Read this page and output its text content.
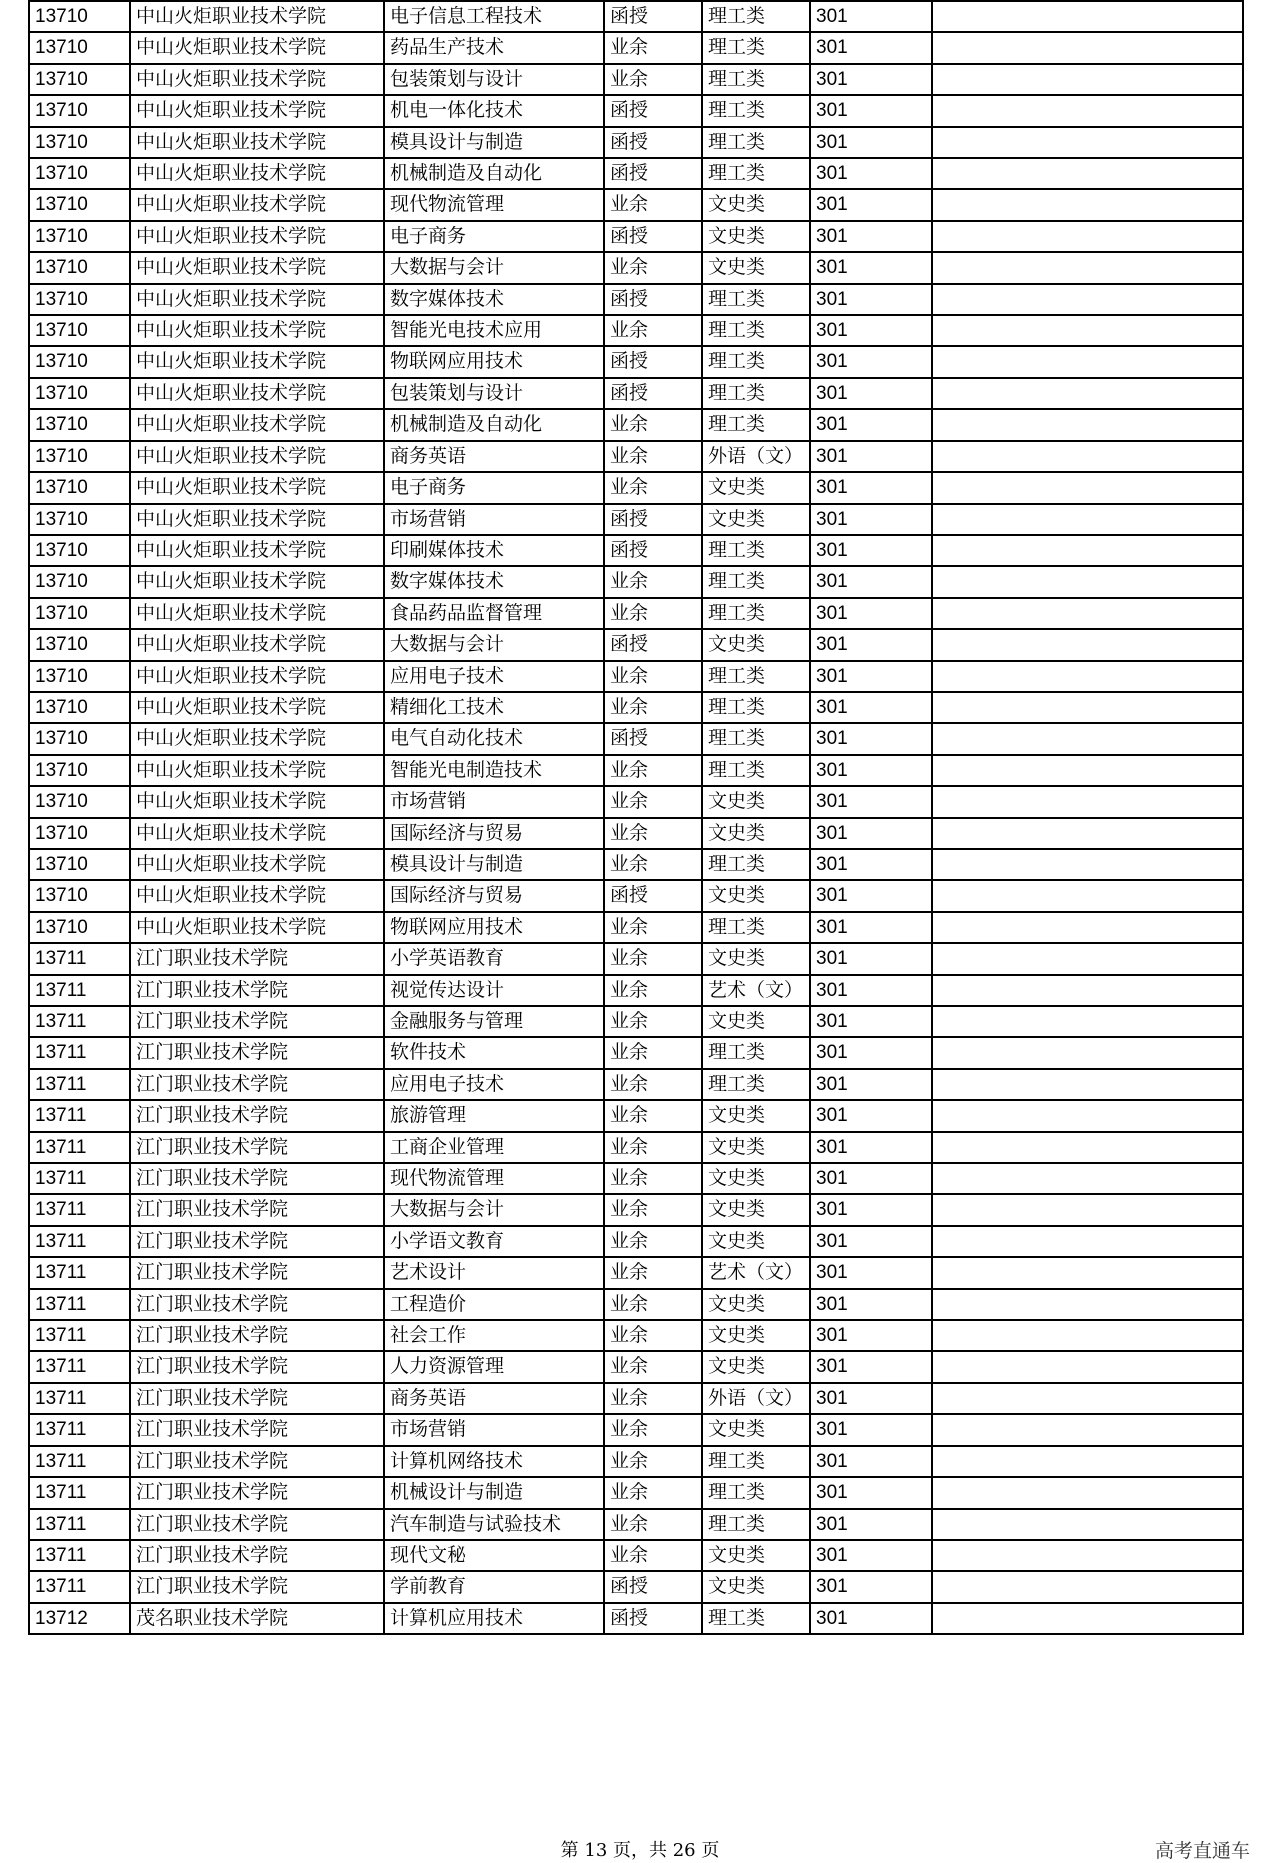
13710	中山火炬职业技术学院	电子信息工程技术	函授	理工类	301	
13710	中山火炬职业技术学院	药品生产技术	业余	理工类	301	
13710	中山火炬职业技术学院	包装策划与设计	业余	理工类	301	
13710	中山火炬职业技术学院	机电一体化技术	函授	理工类	301	
13710	中山火炬职业技术学院	模具设计与制造	函授	理工类	301	
13710	中山火炬职业技术学院	机械制造及自动化	函授	理工类	301	
13710	中山火炬职业技术学院	现代物流管理	业余	文史类	301	
13710	中山火炬职业技术学院	电子商务	函授	文史类	301	
13710	中山火炬职业技术学院	大数据与会计	业余	文史类	301	
13710	中山火炬职业技术学院	数字媒体技术	函授	理工类	301	
13710	中山火炬职业技术学院	智能光电技术应用	业余	理工类	301	
13710	中山火炬职业技术学院	物联网应用技术	函授	理工类	301	
13710	中山火炬职业技术学院	包装策划与设计	函授	理工类	301	
13710	中山火炬职业技术学院	机械制造及自动化	业余	理工类	301	
13710	中山火炬职业技术学院	商务英语	业余	外语（文）	301	
13710	中山火炬职业技术学院	电子商务	业余	文史类	301	
13710	中山火炬职业技术学院	市场营销	函授	文史类	301	
13710	中山火炬职业技术学院	印刷媒体技术	函授	理工类	301	
13710	中山火炬职业技术学院	数字媒体技术	业余	理工类	301	
13710	中山火炬职业技术学院	食品药品监督管理	业余	理工类	301	
13710	中山火炬职业技术学院	大数据与会计	函授	文史类	301	
13710	中山火炬职业技术学院	应用电子技术	业余	理工类	301	
13710	中山火炬职业技术学院	精细化工技术	业余	理工类	301	
13710	中山火炬职业技术学院	电气自动化技术	函授	理工类	301	
13710	中山火炬职业技术学院	智能光电制造技术	业余	理工类	301	
13710	中山火炬职业技术学院	市场营销	业余	文史类	301	
13710	中山火炬职业技术学院	国际经济与贸易	业余	文史类	301	
13710	中山火炬职业技术学院	模具设计与制造	业余	理工类	301	
13710	中山火炬职业技术学院	国际经济与贸易	函授	文史类	301	
13710	中山火炬职业技术学院	物联网应用技术	业余	理工类	301	
13711	江门职业技术学院	小学英语教育	业余	文史类	301	
13711	江门职业技术学院	视觉传达设计	业余	艺术（文）	301	
13711	江门职业技术学院	金融服务与管理	业余	文史类	301	
13711	江门职业技术学院	软件技术	业余	理工类	301	
13711	江门职业技术学院	应用电子技术	业余	理工类	301	
13711	江门职业技术学院	旅游管理	业余	文史类	301	
13711	江门职业技术学院	工商企业管理	业余	文史类	301	
13711	江门职业技术学院	现代物流管理	业余	文史类	301	
13711	江门职业技术学院	大数据与会计	业余	文史类	301	
13711	江门职业技术学院	小学语文教育	业余	文史类	301	
13711	江门职业技术学院	艺术设计	业余	艺术（文）	301	
13711	江门职业技术学院	工程造价	业余	文史类	301	
13711	江门职业技术学院	社会工作	业余	文史类	301	
13711	江门职业技术学院	人力资源管理	业余	文史类	301	
13711	江门职业技术学院	商务英语	业余	外语（文）	301	
13711	江门职业技术学院	市场营销	业余	文史类	301	
13711	江门职业技术学院	计算机网络技术	业余	理工类	301	
13711	江门职业技术学院	机械设计与制造	业余	理工类	301	
13711	江门职业技术学院	汽车制造与试验技术	业余	理工类	301	
13711	江门职业技术学院	现代文秘	业余	文史类	301	
13711	江门职业技术学院	学前教育	函授	文史类	301	
13712	茂名职业技术学院	计算机应用技术	函授	理工类	301	
第 13 页，共 26 页	高考直通车
